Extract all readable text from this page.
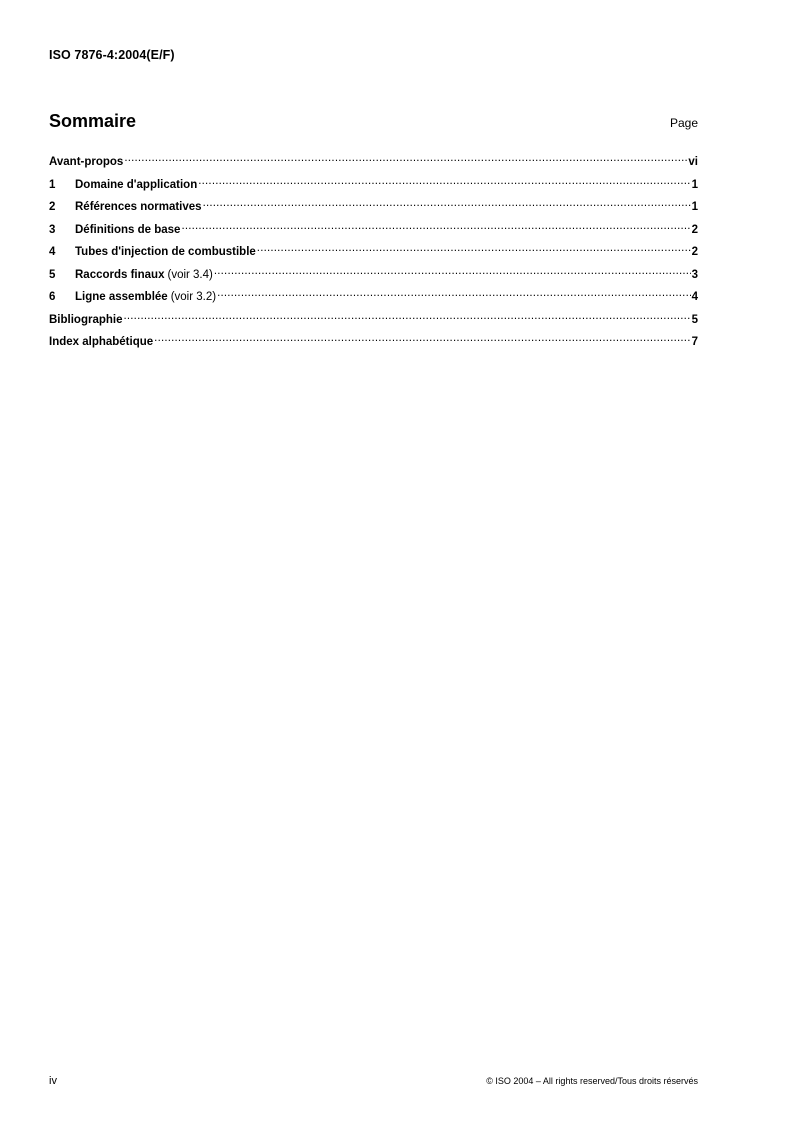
ISO 7876-4:2004(E/F)
Sommaire	Page
Avant-propos .....	vi
1	Domaine d'application .....	1
2	Références normatives .....	1
3	Définitions de base .....	2
4	Tubes d'injection de combustible .....	2
5	Raccords finaux (voir 3.4) .....	3
6	Ligne assemblée (voir 3.2) .....	4
Bibliographie .....	5
Index alphabétique .....	7
iv	© ISO 2004 – All rights reserved/Tous droits réservés
